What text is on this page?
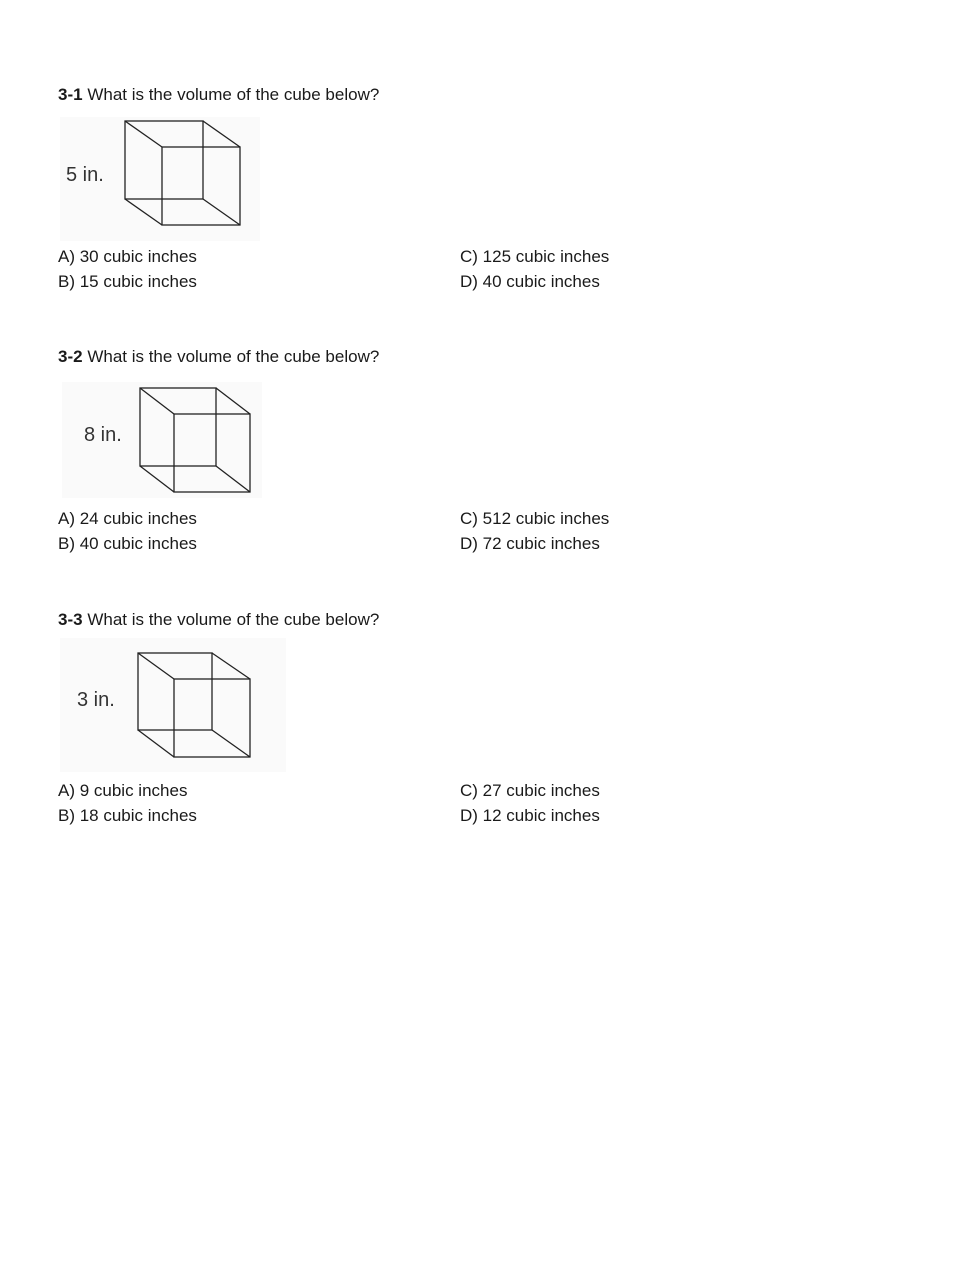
3-1 What is the volume of the cube below?

5 in.
A) 30 cubic inches
B) 15 cubic inches
C) 125 cubic inches
D) 40 cubic inches

3-2 What is the volume of the cube below?

8 in.
A) 24 cubic inches
B) 40 cubic inches
C) 512 cubic inches
D) 72 cubic inches

3-3 What is the volume of the cube below?

3 in.
A) 9 cubic inches
B) 18 cubic inches
C) 27 cubic inches
D) 12 cubic inches
